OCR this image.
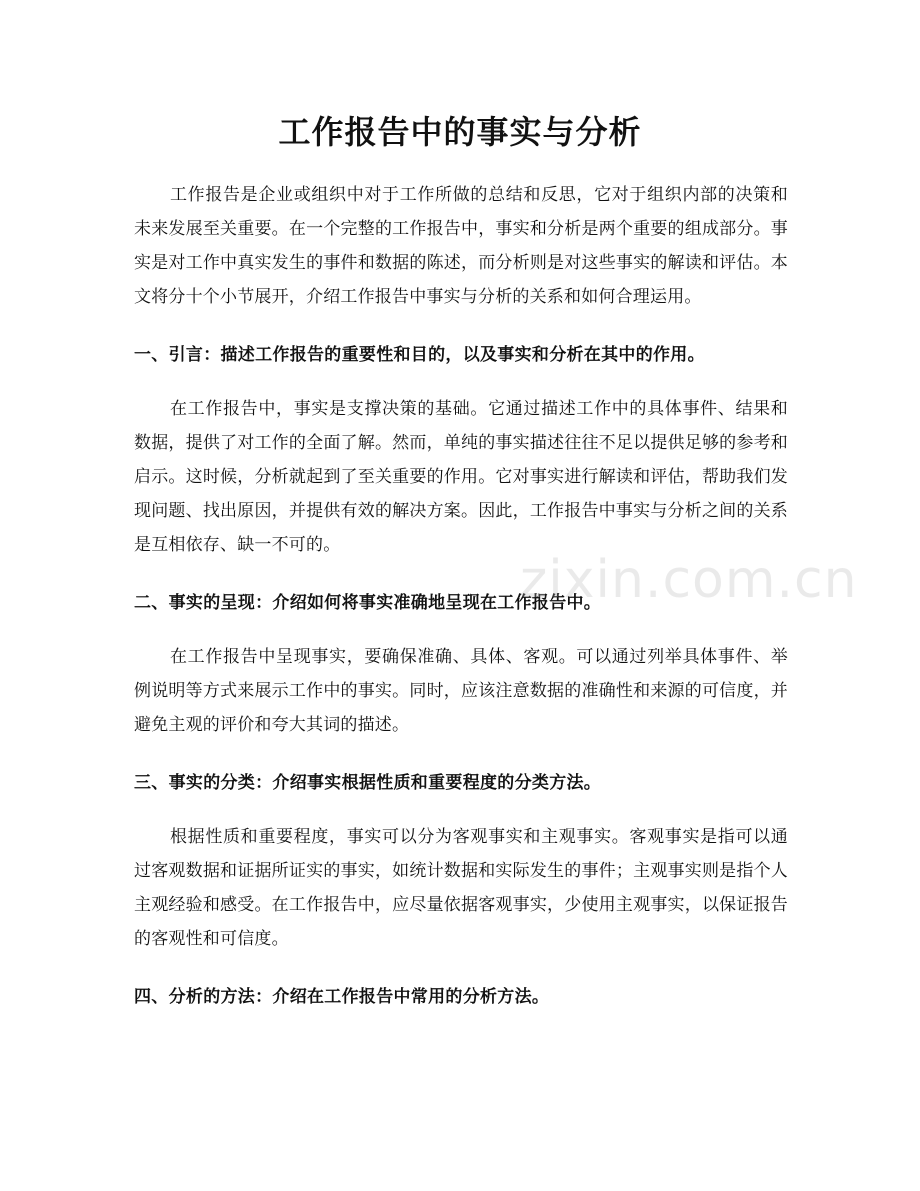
工作报告中的事实与分析

工作报告是企业或组织中对于工作所做的总结和反思，它对于组织内部的决策和未来发展至关重要。在一个完整的工作报告中，事实和分析是两个重要的组成部分。事实是对工作中真实发生的事件和数据的陈述，而分析则是对这些事实的解读和评估。本文将分十个小节展开，介绍工作报告中事实与分析的关系和如何合理运用。

一、引言：描述工作报告的重要性和目的，以及事实和分析在其中的作用。

在工作报告中，事实是支撑决策的基础。它通过描述工作中的具体事件、结果和数据，提供了对工作的全面了解。然而，单纯的事实描述往往不足以提供足够的参考和启示。这时候，分析就起到了至关重要的作用。它对事实进行解读和评估，帮助我们发现问题、找出原因，并提供有效的解决方案。因此，工作报告中事实与分析之间的关系是互相依存、缺一不可的。

二、事实的呈现：介绍如何将事实准确地呈现在工作报告中。

在工作报告中呈现事实，要确保准确、具体、客观。可以通过列举具体事件、举例说明等方式来展示工作中的事实。同时，应该注意数据的准确性和来源的可信度，并避免主观的评价和夸大其词的描述。

三、事实的分类：介绍事实根据性质和重要程度的分类方法。

根据性质和重要程度，事实可以分为客观事实和主观事实。客观事实是指可以通过客观数据和证据所证实的事实，如统计数据和实际发生的事件；主观事实则是指个人主观经验和感受。在工作报告中，应尽量依据客观事实，少使用主观事实，以保证报告的客观性和可信度。

四、分析的方法：介绍在工作报告中常用的分析方法。
zixin.com.cn
